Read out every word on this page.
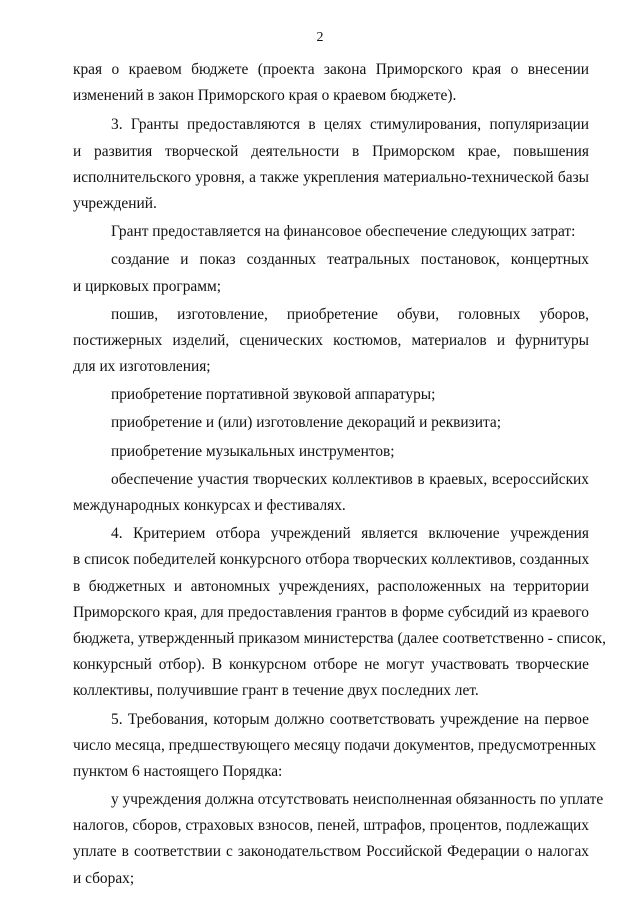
2
края о краевом бюджете (проекта закона Приморского края о внесении
изменений в закон Приморского края о краевом бюджете).
3. Гранты предоставляются в целях стимулирования, популяризации
и развития творческой деятельности в Приморском крае, повышения
исполнительского уровня, а также укрепления материально-технической базы
учреждений.
Грант предоставляется на финансовое обеспечение следующих затрат:
создание и показ созданных театральных постановок, концертных
и цирковых программ;
пошив, изготовление, приобретение обуви, головных уборов,
постижерных изделий, сценических костюмов, материалов и фурнитуры
для их изготовления;
приобретение портативной звуковой аппаратуры;
приобретение и (или) изготовление декораций и реквизита;
приобретение музыкальных инструментов;
обеспечение участия творческих коллективов в краевых, всероссийских
международных конкурсах и фестивалях.
4. Критерием отбора учреждений является включение учреждения
в список победителей конкурсного отбора творческих коллективов, созданных
в бюджетных и автономных учреждениях, расположенных на территории
Приморского края, для предоставления грантов в форме субсидий из краевого
бюджета, утвержденный приказом министерства (далее соответственно - список,
конкурсный отбор). В конкурсном отборе не могут участвовать творческие
коллективы, получившие грант в течение двух последних лет.
5. Требования, которым должно соответствовать учреждение на первое
число месяца, предшествующего месяцу подачи документов, предусмотренных
пунктом 6 настоящего Порядка:
у учреждения должна отсутствовать неисполненная обязанность по уплате
налогов, сборов, страховых взносов, пеней, штрафов, процентов, подлежащих
уплате в соответствии с законодательством Российской Федерации о налогах
и сборах;
